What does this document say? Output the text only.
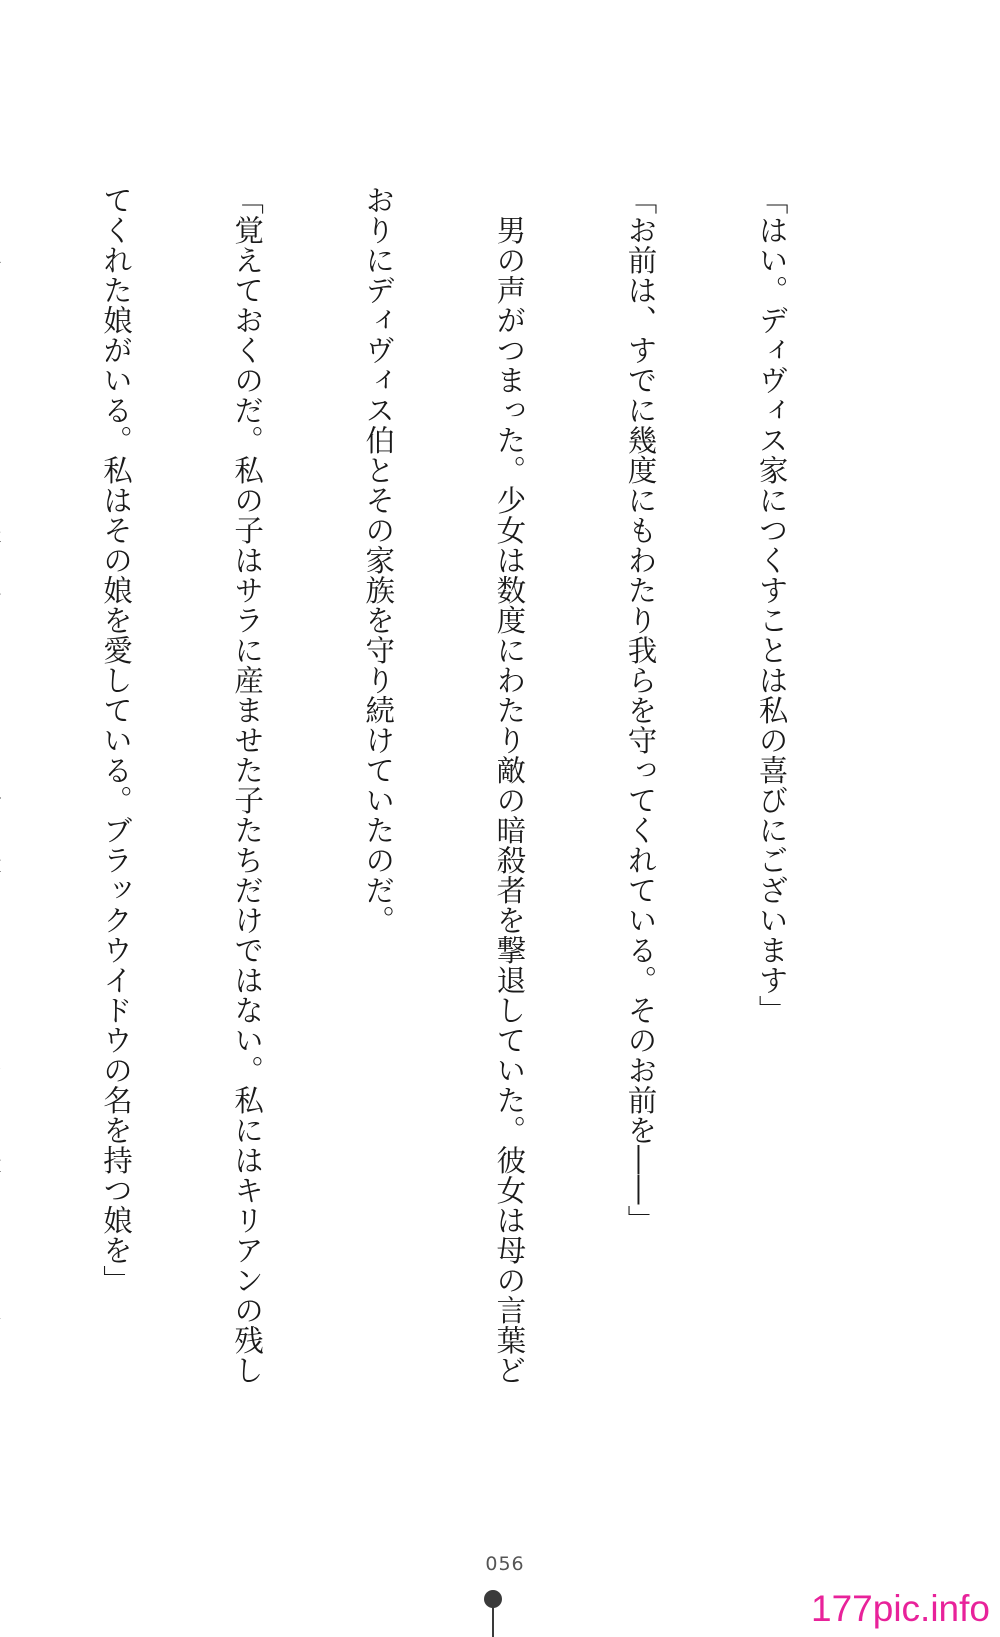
「はい。ディヴィス家につくすことは私の喜びにございます」

「お前は、すでに幾度にもわたり我らを守ってくれている。そのお前を――」

　男の声がつまった。少女は数度にわたり敵の暗殺者を撃退していた。彼女は母の言葉ど

おりにディヴィス伯とその家族を守り続けていたのだ。

「覚えておくのだ。私の子はサラに産ませた子たちだけではない。私にはキリアンの残し

てくれた娘がいる。私はその娘を愛している。ブラックウイドウの名を持つ娘を」

056
177pic.info
